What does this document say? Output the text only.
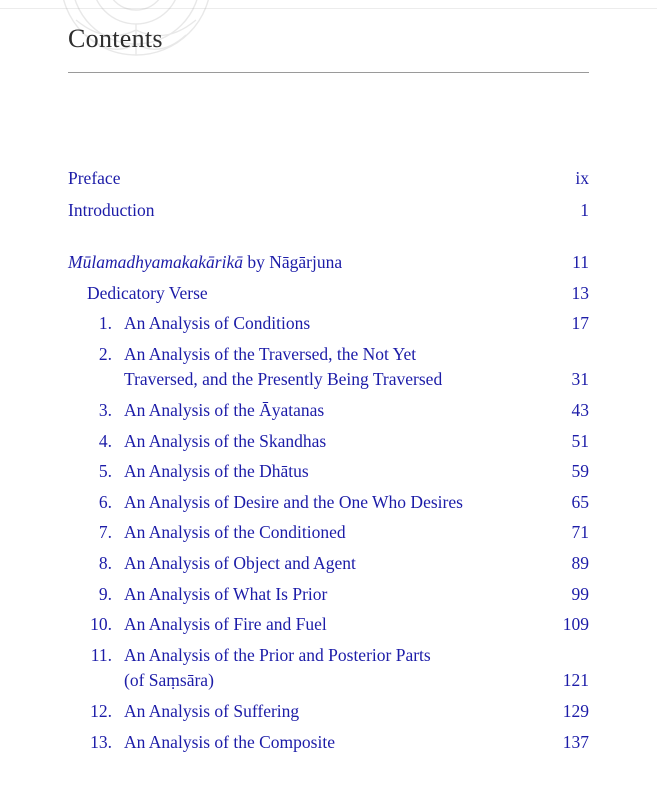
Contents
Preface	ix
Introduction	1
Mūlamadhyamakakārikā by Nāgārjuna	11
Dedicatory Verse	13
1. An Analysis of Conditions	17
2. An Analysis of the Traversed, the Not Yet
Traversed, and the Presently Being Traversed	31
3. An Analysis of the Āyatanas	43
4. An Analysis of the Skandhas	51
5. An Analysis of the Dhātus	59
6. An Analysis of Desire and the One Who Desires	65
7. An Analysis of the Conditioned	71
8. An Analysis of Object and Agent	89
9. An Analysis of What Is Prior	99
10. An Analysis of Fire and Fuel	109
11. An Analysis of the Prior and Posterior Parts
(of Saṃsāra)	121
12. An Analysis of Suffering	129
13. An Analysis of the Composite	137
